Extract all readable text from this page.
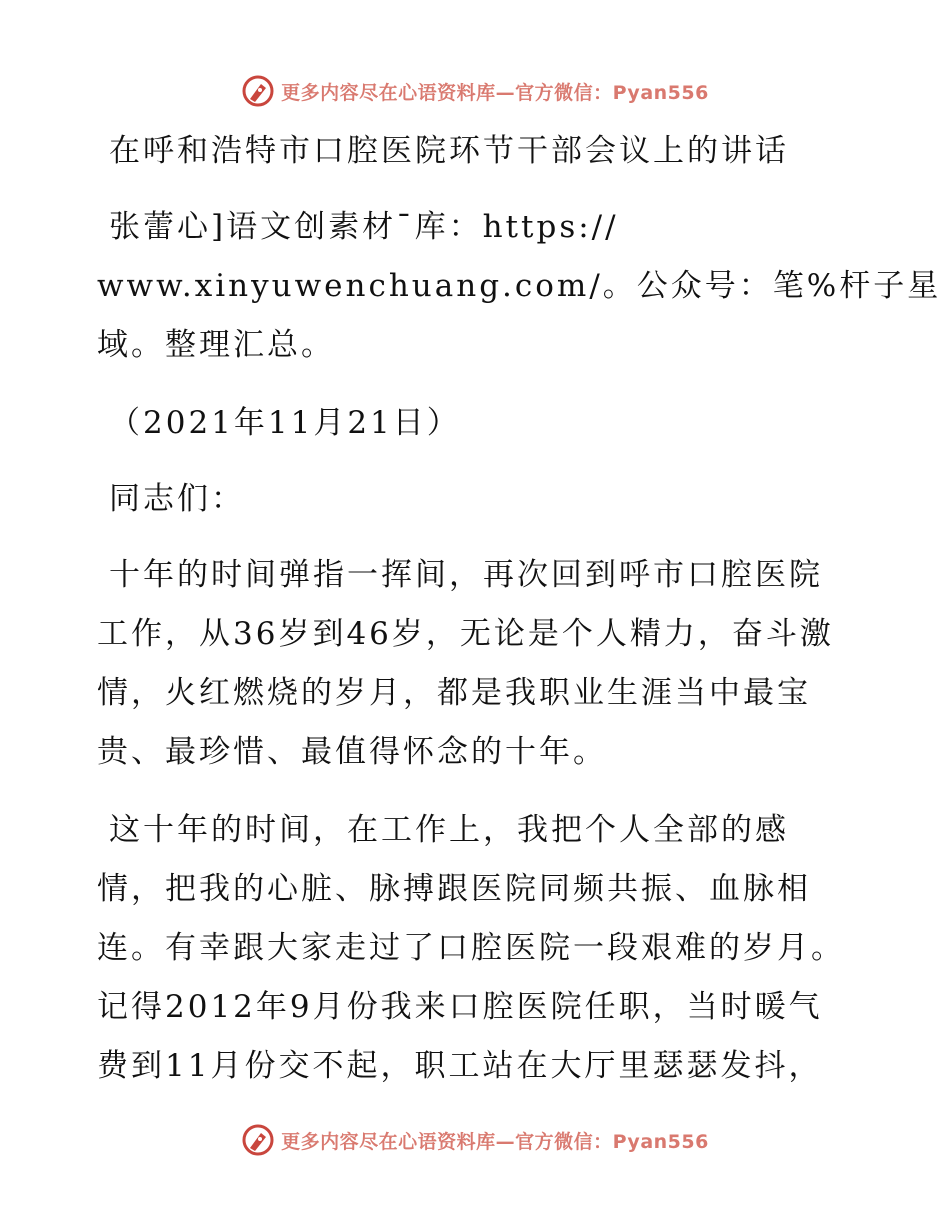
更多内容尽在心语资料库—官方微信：Pyan556

在呼和浩特市口腔医院环节干部会议上的讲话

张蕾心]语文创素材¯库：https://
www.xinyuwenchuang.com/。公众号：笔%杆子星
域。整理汇总。

（2021年11月21日）

同志们：

十年的时间弹指一挥间，再次回到呼市口腔医院
工作，从36岁到46岁，无论是个人精力，奋斗激
情，火红燃烧的岁月，都是我职业生涯当中最宝
贵、最珍惜、最值得怀念的十年。

这十年的时间，在工作上，我把个人全部的感
情，把我的心脏、脉搏跟医院同频共振、血脉相
连。有幸跟大家走过了口腔医院一段艰难的岁月。
记得2012年9月份我来口腔医院任职，当时暖气
费到11月份交不起，职工站在大厅里瑟瑟发抖，

更多内容尽在心语资料库—官方微信：Pyan556
